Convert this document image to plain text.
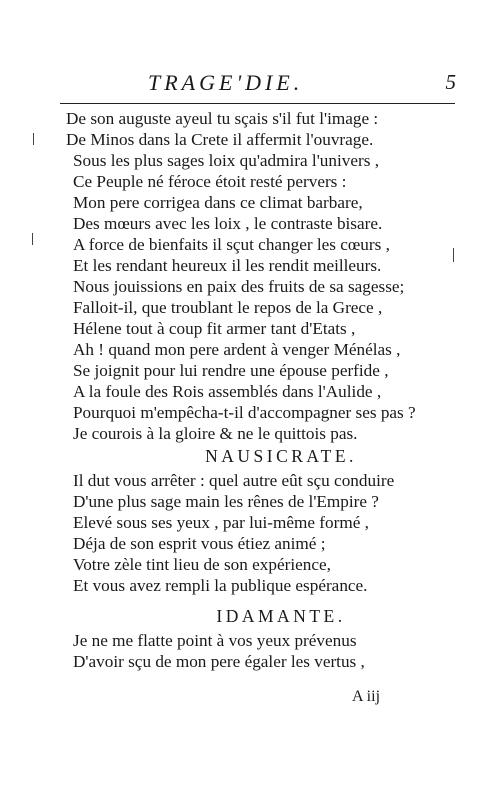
TRAGE'DIE.	5
De son auguste ayeul tu sçais s'il fut l'image :
De Minos dans la Crete il affermit l'ouvrage.
Sous les plus sages loix qu'admira l'univers ,
Ce Peuple né féroce étoit resté pervers :
Mon pere corrigea dans ce climat barbare,
Des mœurs avec les loix , le contraste bisare.
A force de bienfaits il sçut changer les cœurs ,
Et les rendant heureux il les rendit meilleurs.
Nous jouissions en paix des fruits de sa sagesse;
Falloit-il, que troublant le repos de la Grece ,
Hélene tout à coup fit armer tant d'Etats ,
Ah ! quand mon pere ardent à venger Ménélas ,
Se joignit pour lui rendre une épouse perfide ,
A la foule des Rois assemblés dans l'Aulide ,
Pourquoi m'empêcha-t-il d'accompagner ses pas ?
Je courois à la gloire & ne le quittois pas.
NAUSICRATE.
Il dut vous arrêter : quel autre eût sçu conduire
D'une plus sage main les rênes de l'Empire ?
Elevé sous ses yeux , par lui-même formé ,
Déja de son esprit vous étiez animé ;
Votre zèle tint lieu de son expérience,
Et vous avez rempli la publique espérance.
IDAMANTE.
Je ne me flatte point à vos yeux prévenus
D'avoir sçu de mon pere égaler les vertus ,
A iij
